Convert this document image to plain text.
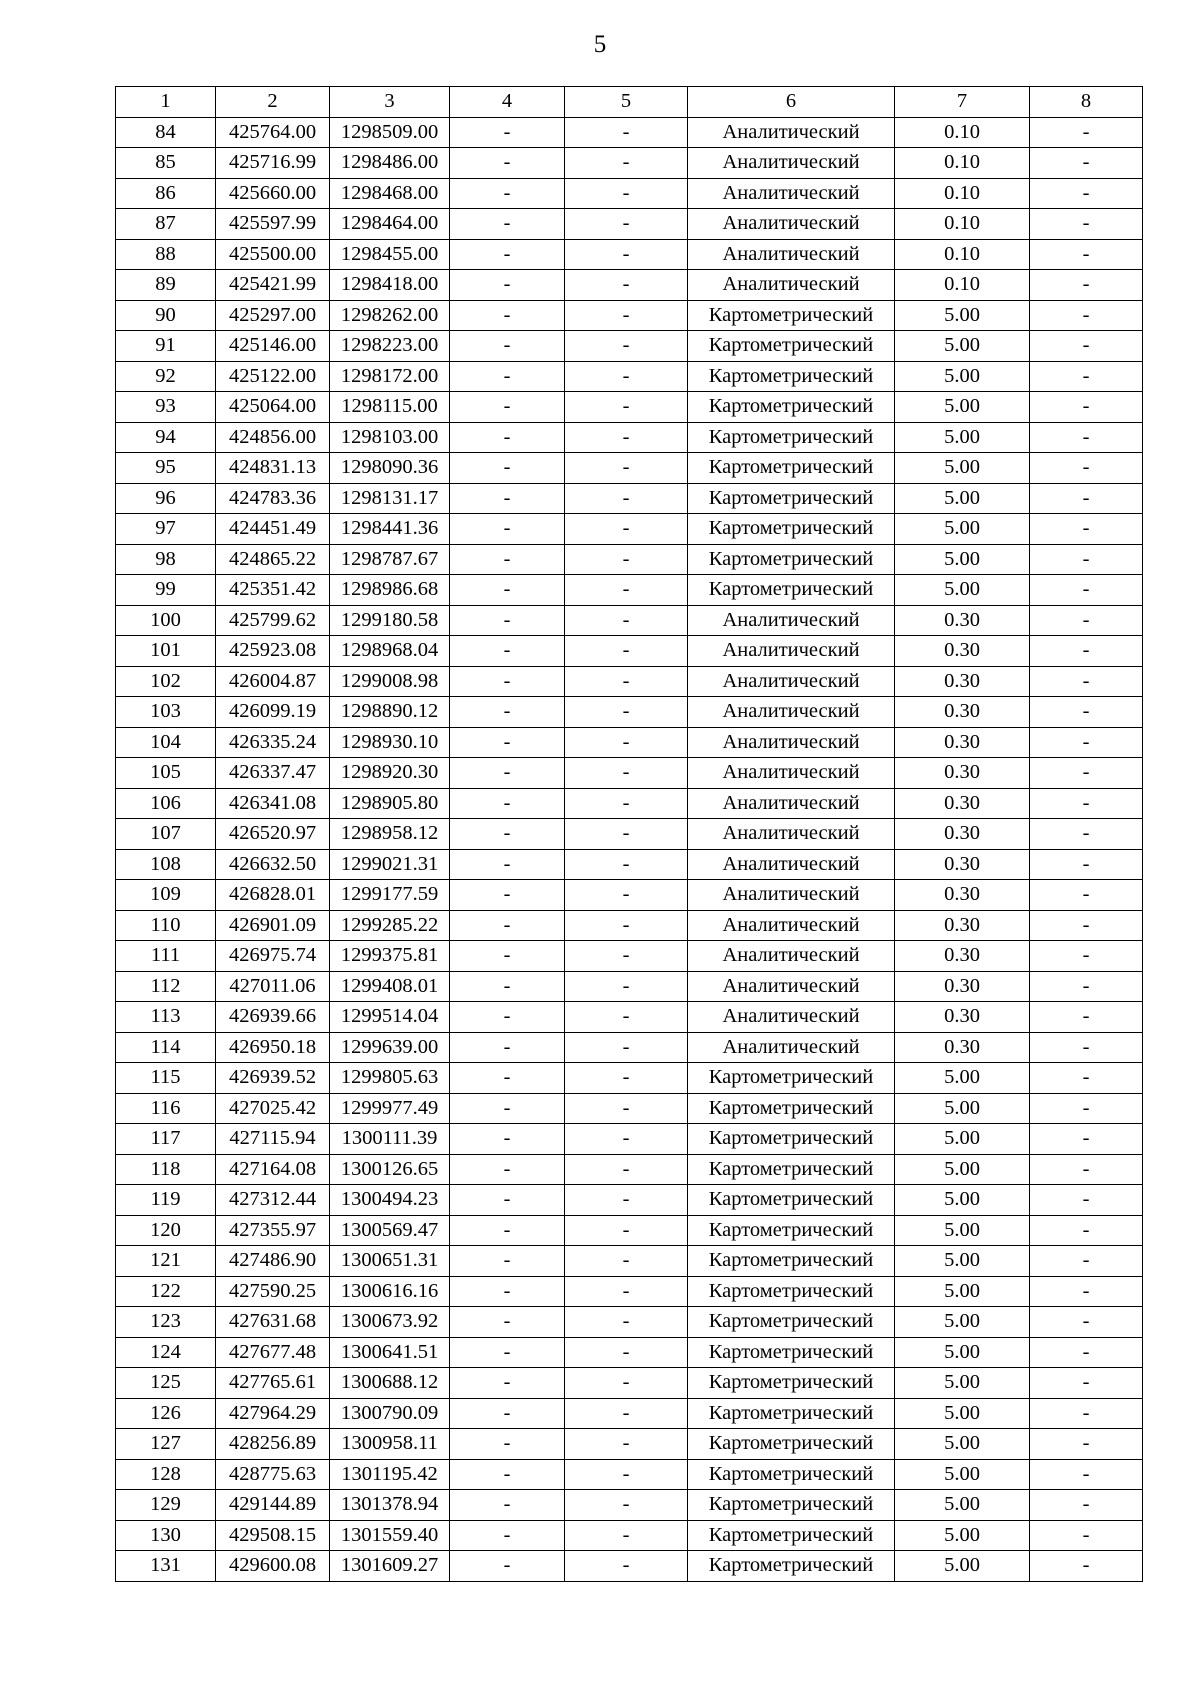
5
1	2	3	4	5	6	7	8
84	425764.00	1298509.00	-	-	Аналитический	0.10	-
85	425716.99	1298486.00	-	-	Аналитический	0.10	-
86	425660.00	1298468.00	-	-	Аналитический	0.10	-
87	425597.99	1298464.00	-	-	Аналитический	0.10	-
88	425500.00	1298455.00	-	-	Аналитический	0.10	-
89	425421.99	1298418.00	-	-	Аналитический	0.10	-
90	425297.00	1298262.00	-	-	Картометрический	5.00	-
91	425146.00	1298223.00	-	-	Картометрический	5.00	-
92	425122.00	1298172.00	-	-	Картометрический	5.00	-
93	425064.00	1298115.00	-	-	Картометрический	5.00	-
94	424856.00	1298103.00	-	-	Картометрический	5.00	-
95	424831.13	1298090.36	-	-	Картометрический	5.00	-
96	424783.36	1298131.17	-	-	Картометрический	5.00	-
97	424451.49	1298441.36	-	-	Картометрический	5.00	-
98	424865.22	1298787.67	-	-	Картометрический	5.00	-
99	425351.42	1298986.68	-	-	Картометрический	5.00	-
100	425799.62	1299180.58	-	-	Аналитический	0.30	-
101	425923.08	1298968.04	-	-	Аналитический	0.30	-
102	426004.87	1299008.98	-	-	Аналитический	0.30	-
103	426099.19	1298890.12	-	-	Аналитический	0.30	-
104	426335.24	1298930.10	-	-	Аналитический	0.30	-
105	426337.47	1298920.30	-	-	Аналитический	0.30	-
106	426341.08	1298905.80	-	-	Аналитический	0.30	-
107	426520.97	1298958.12	-	-	Аналитический	0.30	-
108	426632.50	1299021.31	-	-	Аналитический	0.30	-
109	426828.01	1299177.59	-	-	Аналитический	0.30	-
110	426901.09	1299285.22	-	-	Аналитический	0.30	-
111	426975.74	1299375.81	-	-	Аналитический	0.30	-
112	427011.06	1299408.01	-	-	Аналитический	0.30	-
113	426939.66	1299514.04	-	-	Аналитический	0.30	-
114	426950.18	1299639.00	-	-	Аналитический	0.30	-
115	426939.52	1299805.63	-	-	Картометрический	5.00	-
116	427025.42	1299977.49	-	-	Картометрический	5.00	-
117	427115.94	1300111.39	-	-	Картометрический	5.00	-
118	427164.08	1300126.65	-	-	Картометрический	5.00	-
119	427312.44	1300494.23	-	-	Картометрический	5.00	-
120	427355.97	1300569.47	-	-	Картометрический	5.00	-
121	427486.90	1300651.31	-	-	Картометрический	5.00	-
122	427590.25	1300616.16	-	-	Картометрический	5.00	-
123	427631.68	1300673.92	-	-	Картометрический	5.00	-
124	427677.48	1300641.51	-	-	Картометрический	5.00	-
125	427765.61	1300688.12	-	-	Картометрический	5.00	-
126	427964.29	1300790.09	-	-	Картометрический	5.00	-
127	428256.89	1300958.11	-	-	Картометрический	5.00	-
128	428775.63	1301195.42	-	-	Картометрический	5.00	-
129	429144.89	1301378.94	-	-	Картометрический	5.00	-
130	429508.15	1301559.40	-	-	Картометрический	5.00	-
131	429600.08	1301609.27	-	-	Картометрический	5.00	-
